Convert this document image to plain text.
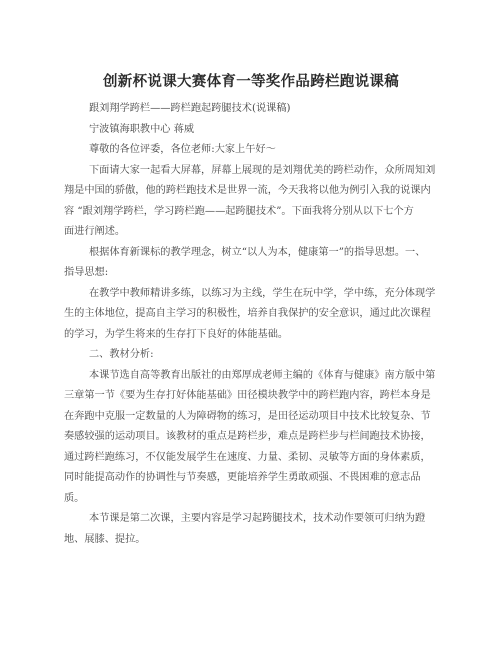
创新杯说课大赛体育一等奖作品跨栏跑说课稿
跟刘翔学跨栏——跨栏跑起跨腿技术(说课稿)
宁波镇海职教中心 蒋威
尊敬的各位评委，各位老师:大家上午好～
下面请大家一起看大屏幕，屏幕上展现的是刘翔优美的跨栏动作，众所周知刘
翔是中国的骄傲，他的跨栏跑技术是世界一流，今天我将以他为例引入我的说课内
容 “跟刘翔学跨栏，学习跨栏跑——起跨腿技术”。下面我将分别从以下七个方
面进行阐述。
根据体育新课标的教学理念，树立“以人为本，健康第一”的指导思想。一、
指导思想:
在教学中教师精讲多练，以练习为主线，学生在玩中学，学中练，充分体现学
生的主体地位，提高自主学习的积极性，培养自我保护的安全意识，通过此次课程
的学习，为学生将来的生存打下良好的体能基础。
二、教材分析:
本课节选自高等教育出版社的由郑厚成老师主编的《体育与健康》南方版中第
三章第一节《要为生存打好体能基础》田径模块教学中的跨栏跑内容，跨栏本身是
在奔跑中克服一定数量的人为障碍物的练习，是田径运动项目中技术比较复杂、节
奏感较强的运动项目。该教材的重点是跨栏步，难点是跨栏步与栏间跑技术协接，
通过跨栏跑练习，不仅能发展学生在速度、力量、柔韧、灵敏等方面的身体素质，
同时能提高动作的协调性与节奏感，更能培养学生勇敢顽强、不畏困难的意志品
质。
本节课是第二次课，主要内容是学习起跨腿技术，技术动作要领可归纳为蹬
地、展膝、提拉。
